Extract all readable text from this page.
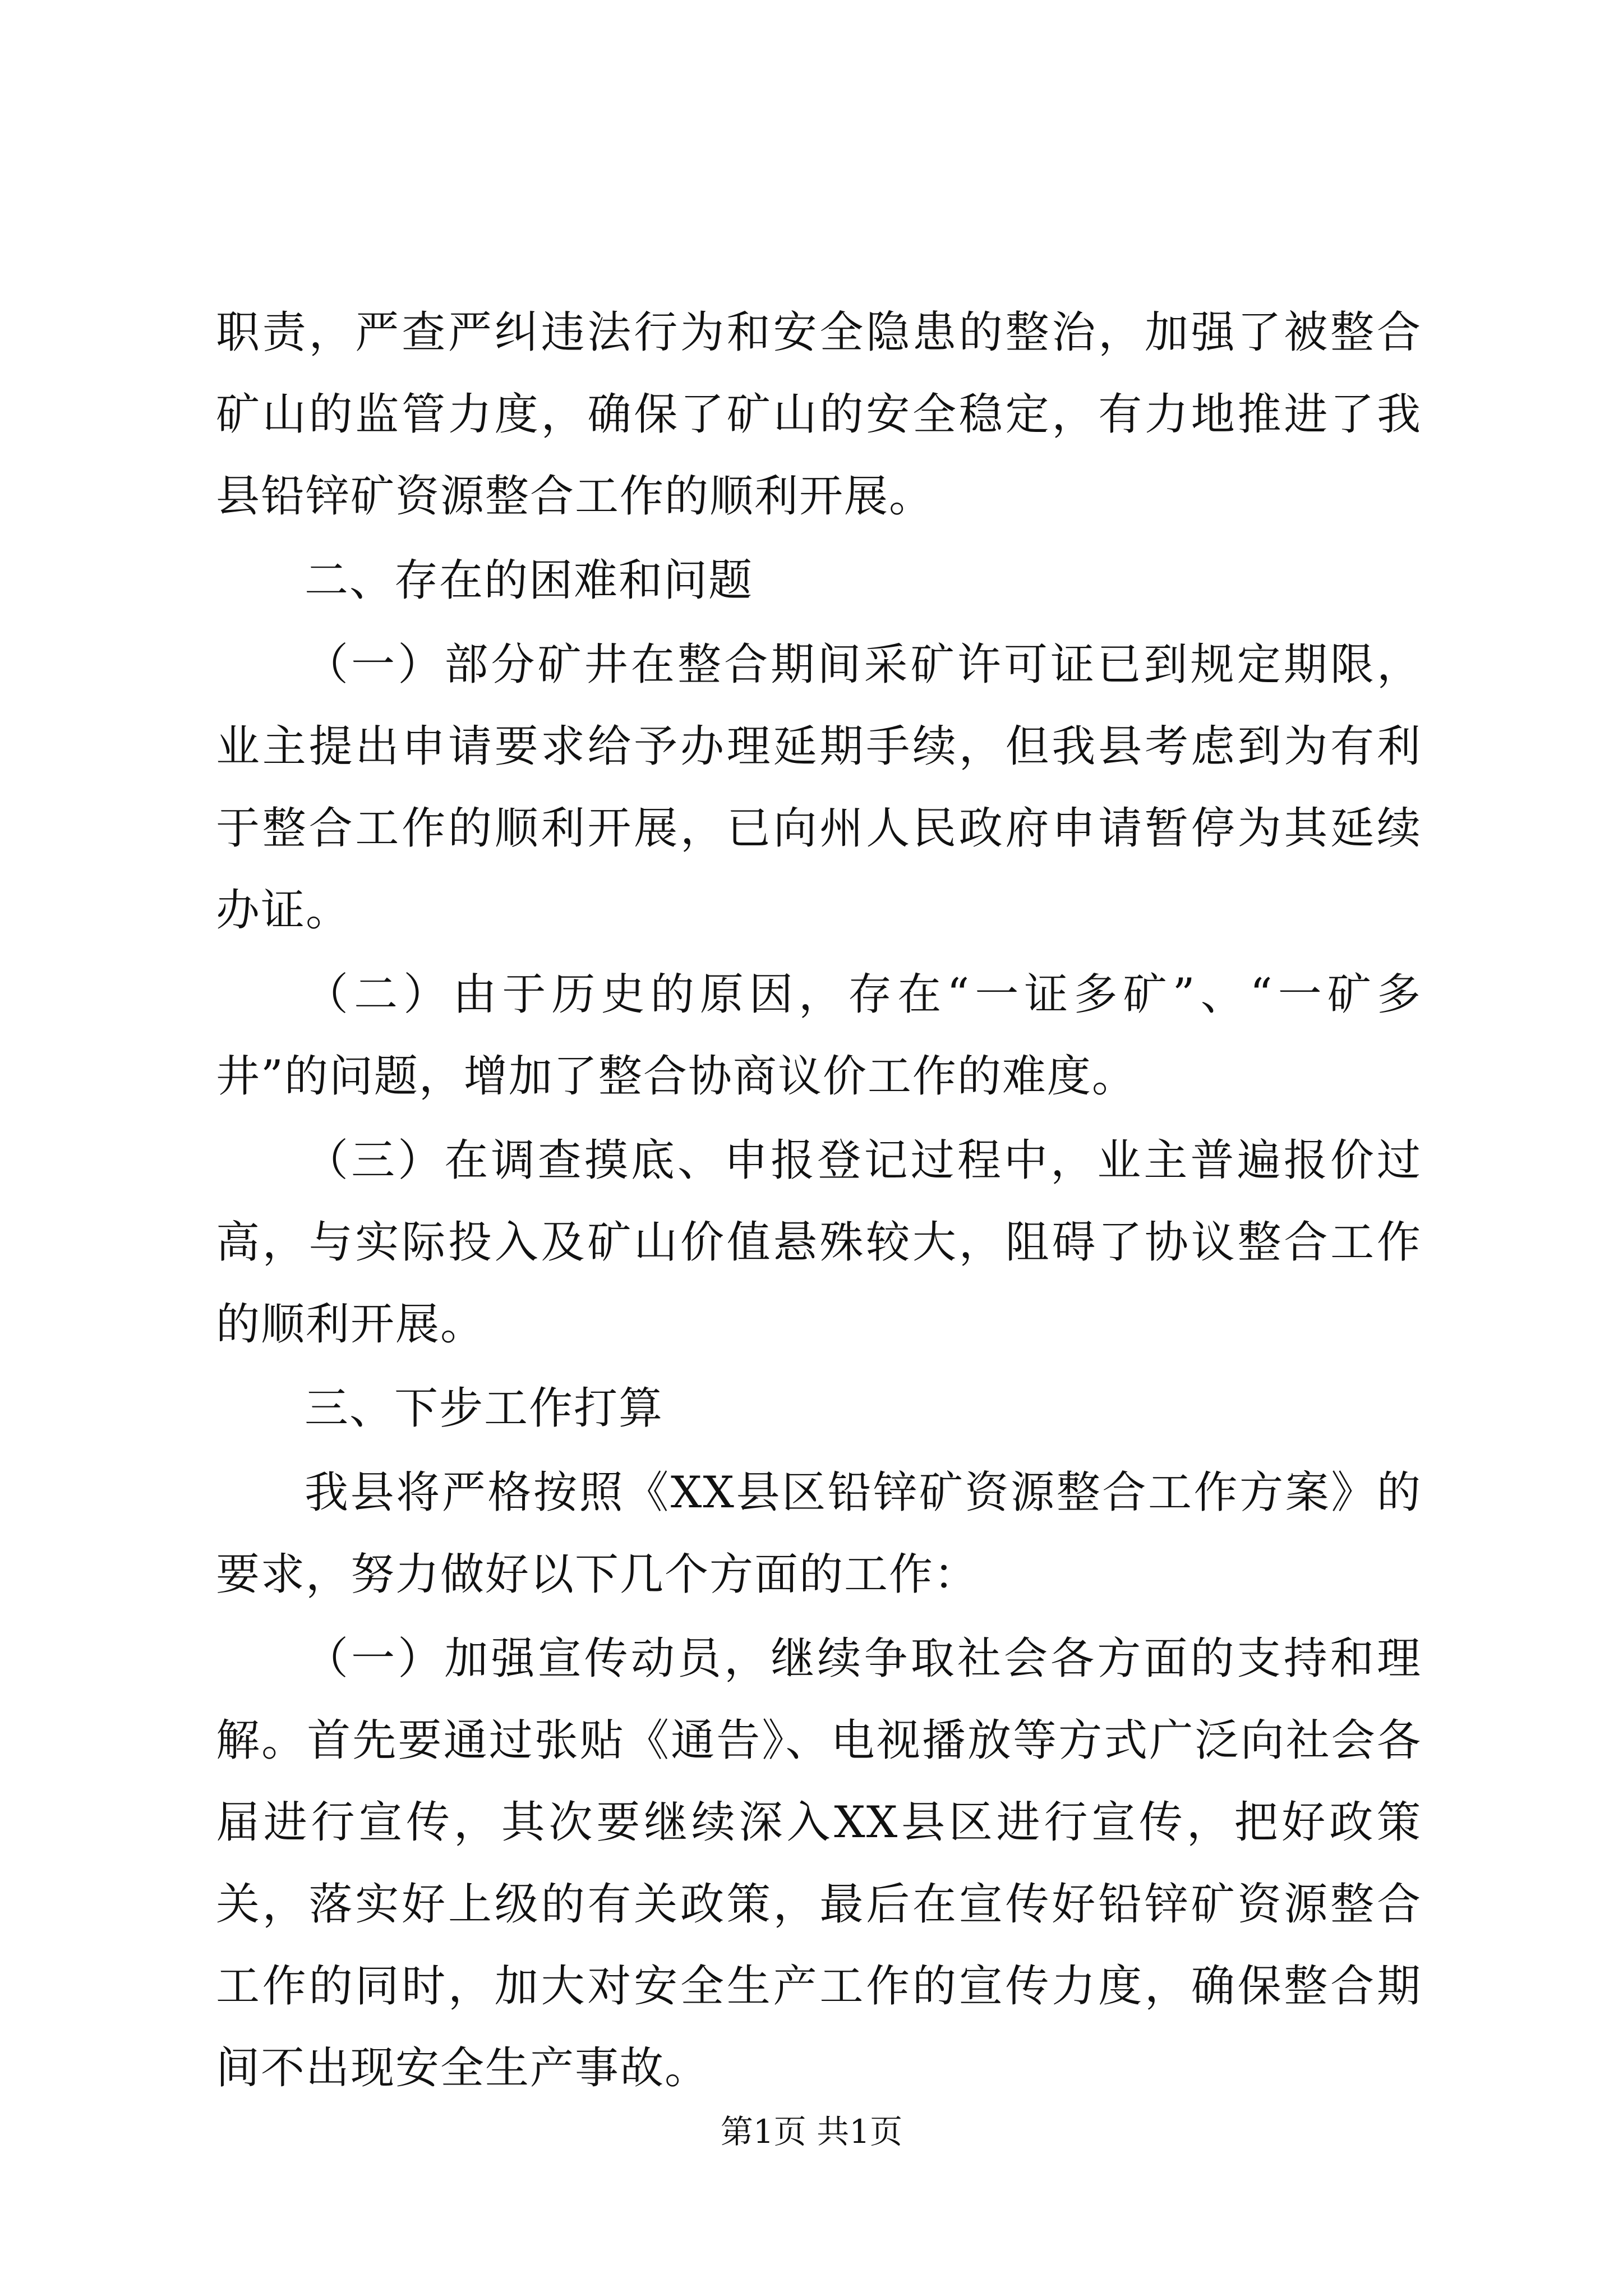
职责，严查严纠违法行为和安全隐患的整治，加强了被整合矿山的监管力度，确保了矿山的安全稳定，有力地推进了我县铅锌矿资源整合工作的顺利开展。

二、存在的困难和问题

（一）部分矿井在整合期间采矿许可证已到规定期限，业主提出申请要求给予办理延期手续，但我县考虑到为有利于整合工作的顺利开展，已向州人民政府申请暂停为其延续办证。

（二）由于历史的原因，存在“一证多矿”、“一矿多井”的问题，增加了整合协商议价工作的难度。

（三）在调查摸底、申报登记过程中，业主普遍报价过高，与实际投入及矿山价值悬殊较大，阻碍了协议整合工作的顺利开展。

三、下步工作打算

我县将严格按照《XX县区铅锌矿资源整合工作方案》的要求，努力做好以下几个方面的工作：

（一）加强宣传动员，继续争取社会各方面的支持和理解。首先要通过张贴《通告》、电视播放等方式广泛向社会各届进行宣传，其次要继续深入XX县区进行宣传，把好政策关，落实好上级的有关政策，最后在宣传好铅锌矿资源整合工作的同时，加大对安全生产工作的宣传力度，确保整合期间不出现安全生产事故。

第1页 共1页
